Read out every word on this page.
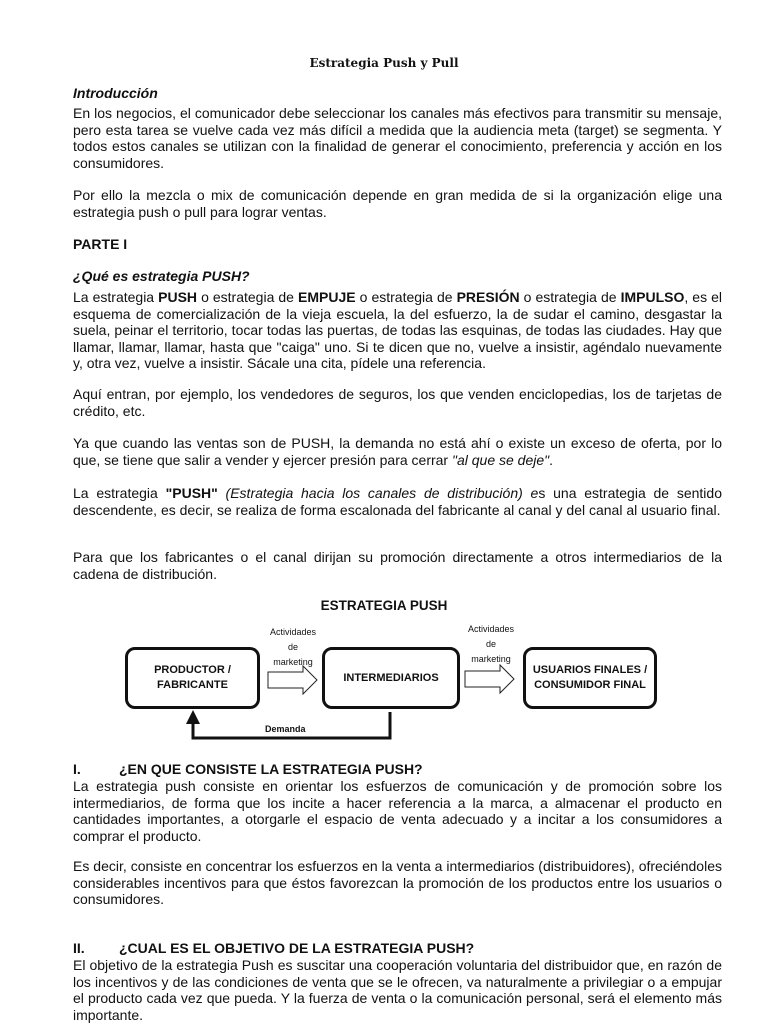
Estrategia Push y Pull
Introducción

En los negocios, el comunicador debe seleccionar los canales más efectivos para transmitir su mensaje, pero esta tarea se vuelve cada vez más difícil a medida que la audiencia meta (target) se segmenta. Y todos estos canales se utilizan con la finalidad de generar el conocimiento, preferencia y acción en los consumidores.

Por ello la mezcla o mix de comunicación depende en gran medida de si la organización elige una estrategia push o pull para lograr ventas.

PARTE I
¿Qué es estrategia PUSH?

La estrategia PUSH o estrategia de EMPUJE o estrategia de PRESIÓN o estrategia de IMPULSO, es el esquema de comercialización de la vieja escuela, la del esfuerzo, la de sudar el camino, desgastar la suela, peinar el territorio, tocar todas las puertas, de todas las esquinas, de todas las ciudades. Hay que llamar, llamar, llamar, hasta que "caiga" uno. Si te dicen que no, vuelve a insistir, agéndalo nuevamente y, otra vez, vuelve a insistir. Sácale una cita, pídele una referencia.

Aquí entran, por ejemplo, los vendedores de seguros, los que venden enciclopedias, los de tarjetas de crédito, etc.

Ya que cuando las ventas son de PUSH, la demanda no está ahí o existe un exceso de oferta, por lo que, se tiene que salir a vender y ejercer presión para cerrar "al que se deje".

La estrategia "PUSH" (Estrategia hacia los canales de distribución) es una estrategia de sentido descendente, es decir, se realiza de forma escalonada del fabricante al canal y del canal al usuario final.

Para que los fabricantes o el canal dirijan su promoción directamente a otros intermediarios de la cadena de distribución.

ESTRATEGIA PUSH
PRODUCTOR /
FABRICANTE
INTERMEDIARIOS
USUARIOS FINALES /
CONSUMIDOR FINAL
Actividades
de
marketing
Actividades
de
marketing
Demanda
I.	¿EN QUE CONSISTE LA ESTRATEGIA PUSH?

La estrategia push consiste en orientar los esfuerzos de comunicación y de promoción sobre los intermediarios, de forma que los incite a hacer referencia a la marca, a almacenar el producto en cantidades importantes, a otorgarle el espacio de venta adecuado y a incitar a los consumidores a comprar el producto.

Es decir, consiste en concentrar los esfuerzos en la venta a intermediarios (distribuidores), ofreciéndoles considerables incentivos para que éstos favorezcan la promoción de los productos entre los usuarios o consumidores.

II. ¿CUAL ES EL OBJETIVO DE LA ESTRATEGIA PUSH?

El objetivo de la estrategia Push es suscitar una cooperación voluntaria del distribuidor que, en razón de los incentivos y de las condiciones de venta que se le ofrecen, va naturalmente a privilegiar o a empujar el producto cada vez que pueda. Y la fuerza de venta o la comunicación personal, será el elemento más importante.
